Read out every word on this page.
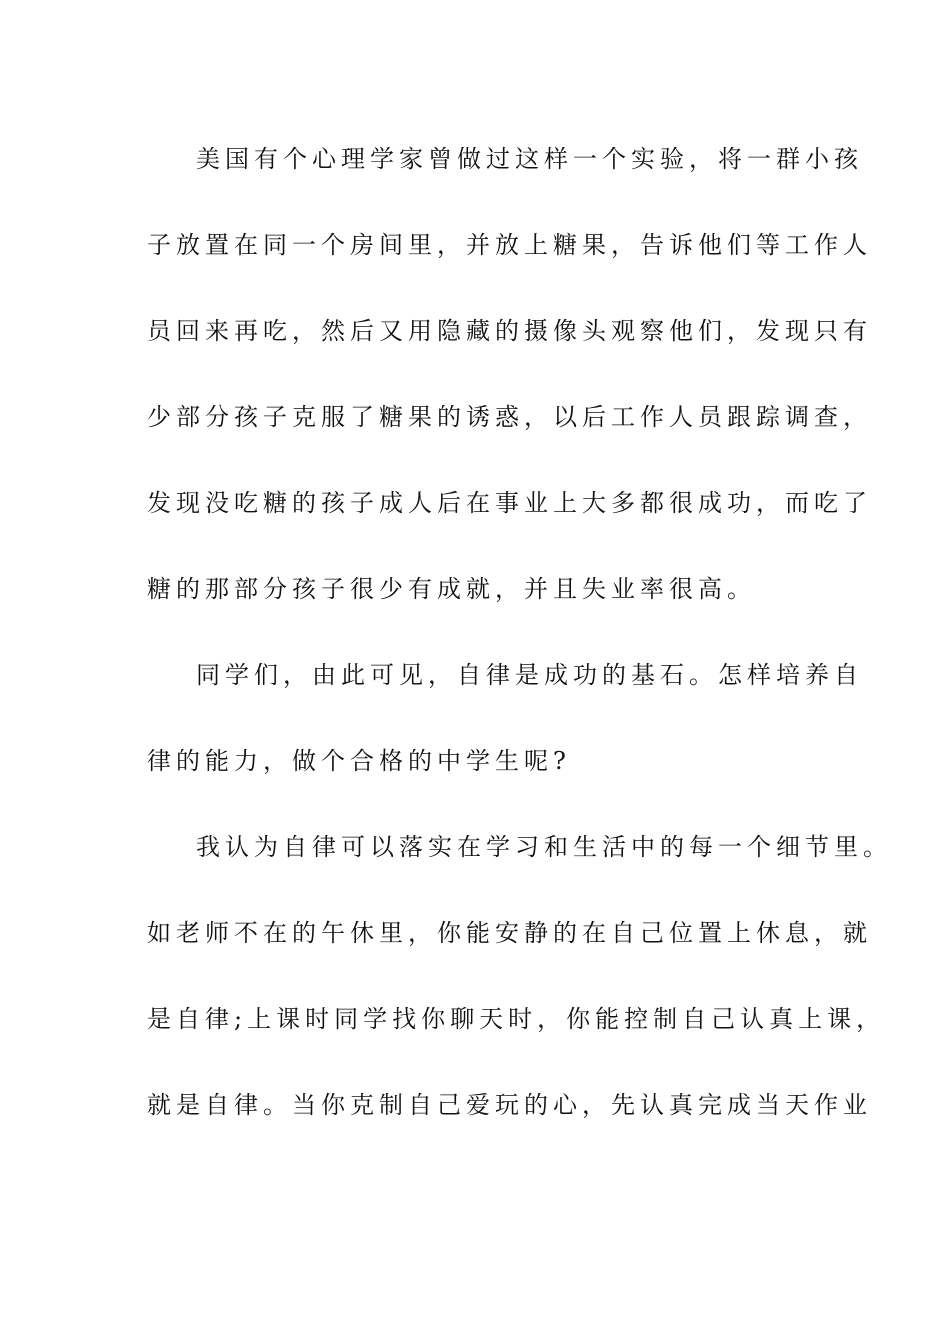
美国有个心理学家曾做过这样一个实验，将一群小孩
子放置在同一个房间里，并放上糖果，告诉他们等工作人
员回来再吃，然后又用隐藏的摄像头观察他们，发现只有
少部分孩子克服了糖果的诱惑，以后工作人员跟踪调查，
发现没吃糖的孩子成人后在事业上大多都很成功，而吃了
糖的那部分孩子很少有成就，并且失业率很高。
同学们，由此可见，自律是成功的基石。怎样培养自
律的能力，做个合格的中学生呢?
我认为自律可以落实在学习和生活中的每一个细节里。
如老师不在的午休里，你能安静的在自己位置上休息，就
是自律;上课时同学找你聊天时，你能控制自己认真上课，
就是自律。当你克制自己爱玩的心，先认真完成当天作业
